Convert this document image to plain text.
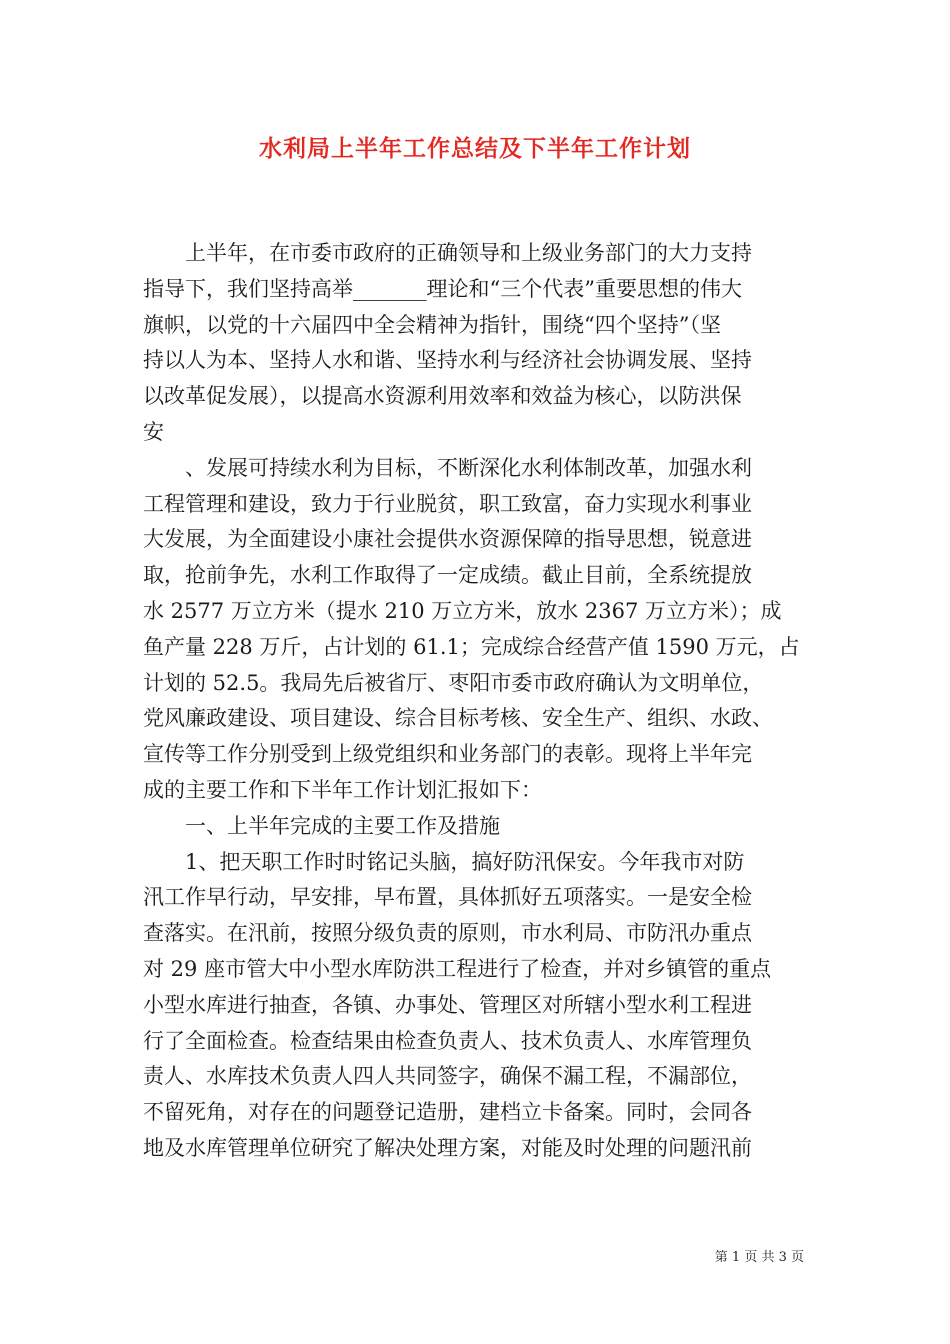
水利局上半年工作总结及下半年工作计划
　　上半年，在市委市政府的正确领导和上级业务部门的大力支持
指导下，我们坚持高举_______理论和“三个代表”重要思想的伟大
旗帜，以党的十六届四中全会精神为指针，围绕“四个坚持”（坚
持以人为本、坚持人水和谐、坚持水利与经济社会协调发展、坚持
以改革促发展），以提高水资源利用效率和效益为核心，以防洪保
安
　　、发展可持续水利为目标，不断深化水利体制改革，加强水利
工程管理和建设，致力于行业脱贫，职工致富，奋力实现水利事业
大发展，为全面建设小康社会提供水资源保障的指导思想，锐意进
取，抢前争先，水利工作取得了一定成绩。截止目前，全系统提放
水 2577 万立方米（提水 210 万立方米，放水 2367 万立方米）；成
鱼产量 228 万斤，占计划的 61.1；完成综合经营产值 1590 万元，占
计划的 52.5。我局先后被省厅、枣阳市委市政府确认为文明单位，
党风廉政建设、项目建设、综合目标考核、安全生产、组织、水政、
宣传等工作分别受到上级党组织和业务部门的表彰。现将上半年完
成的主要工作和下半年工作计划汇报如下：
　　一、上半年完成的主要工作及措施
　　1、把天职工作时时铭记头脑，搞好防汛保安。今年我市对防
汛工作早行动，早安排，早布置，具体抓好五项落实。一是安全检
查落实。在汛前，按照分级负责的原则，市水利局、市防汛办重点
对 29 座市管大中小型水库防洪工程进行了检查，并对乡镇管的重点
小型水库进行抽查，各镇、办事处、管理区对所辖小型水利工程进
行了全面检查。检查结果由检查负责人、技术负责人、水库管理负
责人、水库技术负责人四人共同签字，确保不漏工程，不漏部位，
不留死角，对存在的问题登记造册，建档立卡备案。同时，会同各
地及水库管理单位研究了解决处理方案，对能及时处理的问题汛前
第 1 页 共 3 页
